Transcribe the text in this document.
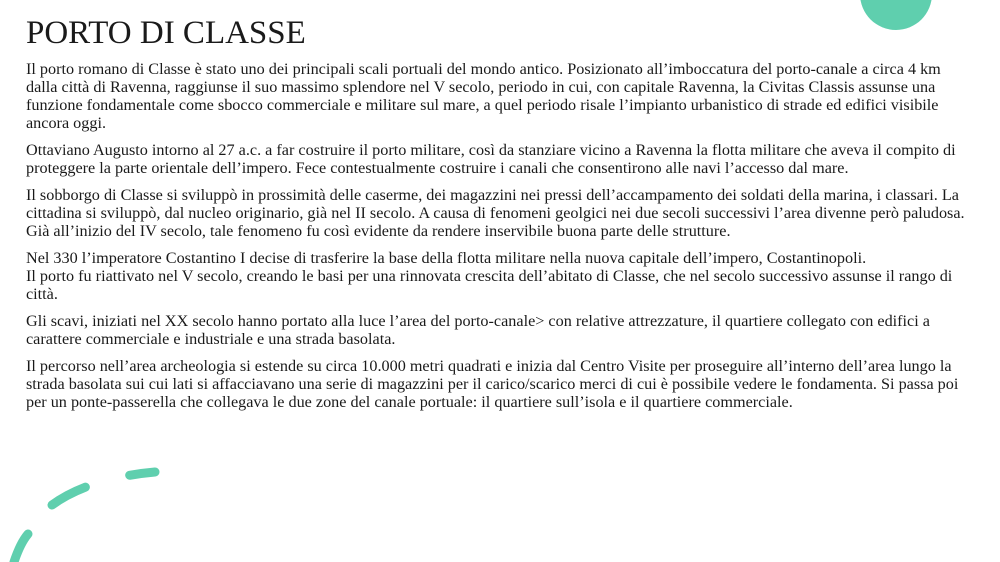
PORTO DI CLASSE

Il porto romano di Classe è stato uno dei principali scali portuali del mondo antico. Posizionato all’imboccatura del porto-canale a circa 4 km dalla città di Ravenna, raggiunse il suo massimo splendore nel V secolo, periodo in cui, con capitale Ravenna, la Civitas Classis assunse una funzione fondamentale come sbocco commerciale e militare sul mare, a quel periodo risale l’impianto urbanistico di strade ed edifici visibile ancora oggi.

Ottaviano Augusto intorno al 27 a.c. a far costruire il porto militare, così da stanziare vicino a Ravenna la flotta militare che aveva il compito di proteggere la parte orientale dell’impero. Fece contestualmente costruire i canali che consentirono alle navi l’accesso dal mare.

Il sobborgo di Classe si sviluppò in prossimità delle caserme, dei magazzini nei pressi dell’accampamento dei soldati della marina, i classari. La cittadina si sviluppò, dal nucleo originario, già nel II secolo. A causa di fenomeni geolgici nei due secoli successivi l’area divenne però paludosa. Già all’inizio del IV secolo, tale fenomeno fu così evidente da rendere inservibile buona parte delle strutture.

Nel 330 l’imperatore Costantino I decise di trasferire la base della flotta militare nella nuova capitale dell’impero, Costantinopoli.
Il porto fu riattivato nel V secolo, creando le basi per una rinnovata crescita dell’abitato di Classe, che nel secolo successivo assunse il rango di città.

Gli scavi, iniziati nel XX secolo hanno portato alla luce l’area del porto-canale> con relative attrezzature, il quartiere collegato con edifici a carattere commerciale e industriale e una strada basolata.

Il percorso nell’area archeologia si estende su circa 10.000 metri quadrati e inizia dal Centro Visite per proseguire all’interno dell’area lungo la strada basolata sui cui lati si affacciavano una serie di magazzini per il carico/scarico merci di cui è possibile vedere le fondamenta. Si passa poi per un ponte-passerella che collegava le due zone del canale portuale: il quartiere sull’isola e il quartiere commerciale.
